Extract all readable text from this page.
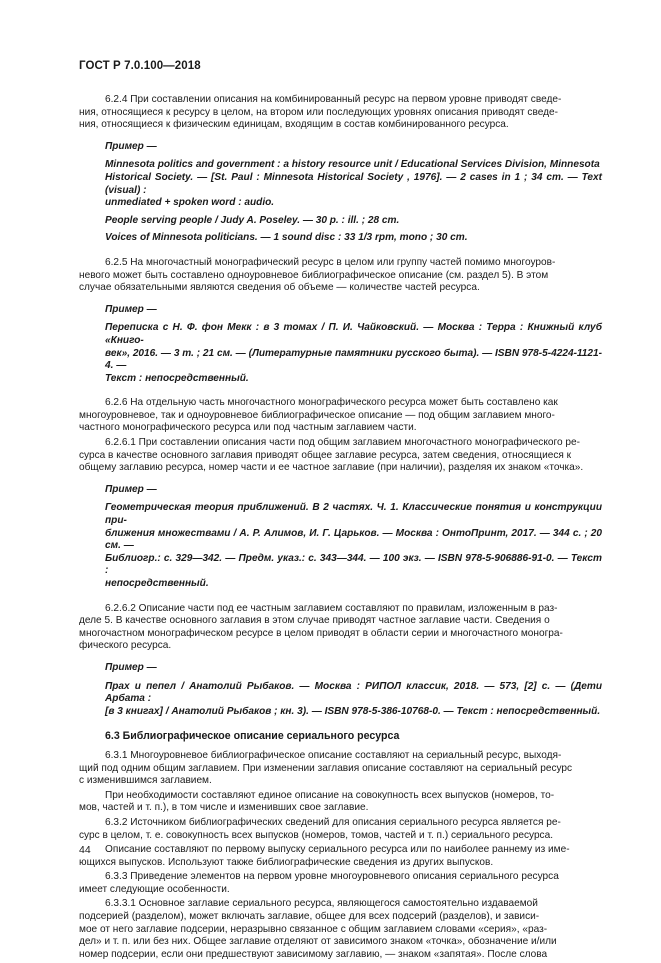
ГОСТ Р 7.0.100—2018

6.2.4 При составлении описания на комбинированный ресурс на первом уровне приводят сведе-
ния, относящиеся к ресурсу в целом, на втором или последующих уровнях описания приводят сведе-
ния, относящиеся к физическим единицам, входящим в состав комбинированного ресурса.

Пример —
Minnesota politics and government : a history resource unit / Educational Services Division, Minnesota
Historical Society. — [St. Paul : Minnesota Historical Society , 1976]. — 2 cases in 1 ; 34 cm. — Text (visual) :
unmediated + spoken word : audio.
People serving people / Judy A. Poseley. — 30 p. : ill. ; 28 cm.
Voices of Minnesota politicians. — 1 sound disc : 33 1/3 rpm, mono ; 30 cm.

6.2.5 На многочастный монографический ресурс в целом или группу частей помимо многоуров-
невого может быть составлено одноуровневое библиографическое описание (см. раздел 5). В этом
случае обязательными являются сведения об объеме — количестве частей ресурса.

Пример —
Переписка с Н. Ф. фон Мекк : в 3 томах / П. И. Чайковский. — Москва : Терра : Книжный клуб «Книго-
век», 2016. — 3 т. ; 21 см. — (Литературные памятники русского быта). — ISBN 978-5-4224-1121-4. —
Текст : непосредственный.

6.2.6 На отдельную часть многочастного монографического ресурса может быть составлено как
многоуровневое, так и одноуровневое библиографическое описание — под общим заглавием много-
частного монографического ресурса или под частным заглавием части.

6.2.6.1 При составлении описания части под общим заглавием многочастного монографического ре-
сурса в качестве основного заглавия приводят общее заглавие ресурса, затем сведения, относящиеся к
общему заглавию ресурса, номер части и ее частное заглавие (при наличии), разделяя их знаком «точка».

Пример —
Геометрическая теория приближений. В 2 частях. Ч. 1. Классические понятия и конструкции при-
ближения множествами / А. Р. Алимов, И. Г. Царьков. — Москва : ОнтоПринт, 2017. — 344 с. ; 20 см. —
Библиогр.: с. 329—342. — Предм. указ.: с. 343—344. — 100 экз. — ISBN 978-5-906886-91-0. — Текст :
непосредственный.

6.2.6.2 Описание части под ее частным заглавием составляют по правилам, изложенным в раз-
деле 5. В качестве основного заглавия в этом случае приводят частное заглавие части. Сведения о
многочастном монографическом ресурсе в целом приводят в области серии и многочастного моногра-
фического ресурса.

Пример —
Прах и пепел / Анатолий Рыбаков. — Москва : РИПОЛ классик, 2018. — 573, [2] с. — (Дети Арбата :
[в 3 книгах] / Анатолий Рыбаков ; кн. 3). — ISBN 978-5-386-10768-0. — Текст : непосредственный.
6.3 Библиографическое описание сериального ресурса

6.3.1 Многоуровневое библиографическое описание составляют на сериальный ресурс, выходя-
щий под одним общим заглавием. При изменении заглавия описание составляют на сериальный ресурс
с изменившимся заглавием.

При необходимости составляют единое описание на совокупность всех выпусков (номеров, то-
мов, частей и т. п.), в том числе и изменивших свое заглавие.

6.3.2 Источником библиографических сведений для описания сериального ресурса является ре-
сурс в целом, т. е. совокупность всех выпусков (номеров, томов, частей и т. п.) сериального ресурса.

Описание составляют по первому выпуску сериального ресурса или по наиболее раннему из име-
ющихся выпусков. Используют также библиографические сведения из других выпусков.

6.3.3 Приведение элементов на первом уровне многоуровневого описания сериального ресурса
имеет следующие особенности.

6.3.3.1 Основное заглавие сериального ресурса, являющегося самостоятельно издаваемой
подсерией (разделом), может включать заглавие, общее для всех подсерий (разделов), и зависи-
мое от него заглавие подсерии, неразрывно связанное с общим заглавием словами «серия», «раз-
дел» и т. п. или без них. Общее заглавие отделяют от зависимого знаком «точка», обозначение и/или
номер подсерии, если они предшествуют зависимому заглавию, — знаком «запятая». После слова

44
